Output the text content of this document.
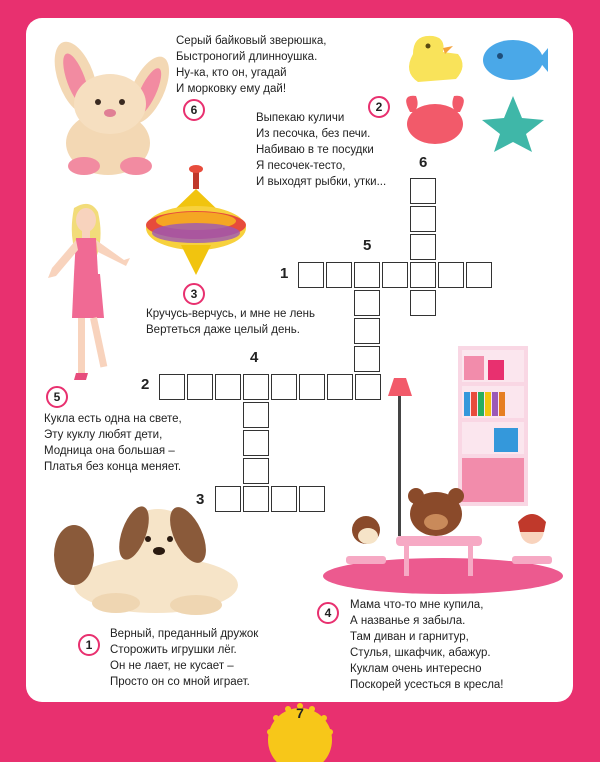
Серый байковый зверюшка,
Быстроногий длинноушка.
Ну-ка, кто он, угадай
И морковку ему дай!
6	2
Выпекаю куличи
Из песочка, без печи.
Набиваю в те посудки
Я песочек-тесто,
И выходят рыбки, утки...
3
Кручусь-верчусь, и мне не лень
Вертеться даже целый день.
5
Кукла есть одна на свете,
Эту куклу любят дети,
Модница она большая –
Платья без конца меняет.
1
Верный, преданный дружок
Сторожить игрушки лёг.
Он не лает, не кусает –
Просто он со мной играет.
4
Мама что-то мне купила,
А названье я забыла.
Там диван и гарнитур,
Стулья, шкафчик, абажур.
Куклам очень интересно
Поскорей усесться в кресла!
1
2
3
4
5
6
7
